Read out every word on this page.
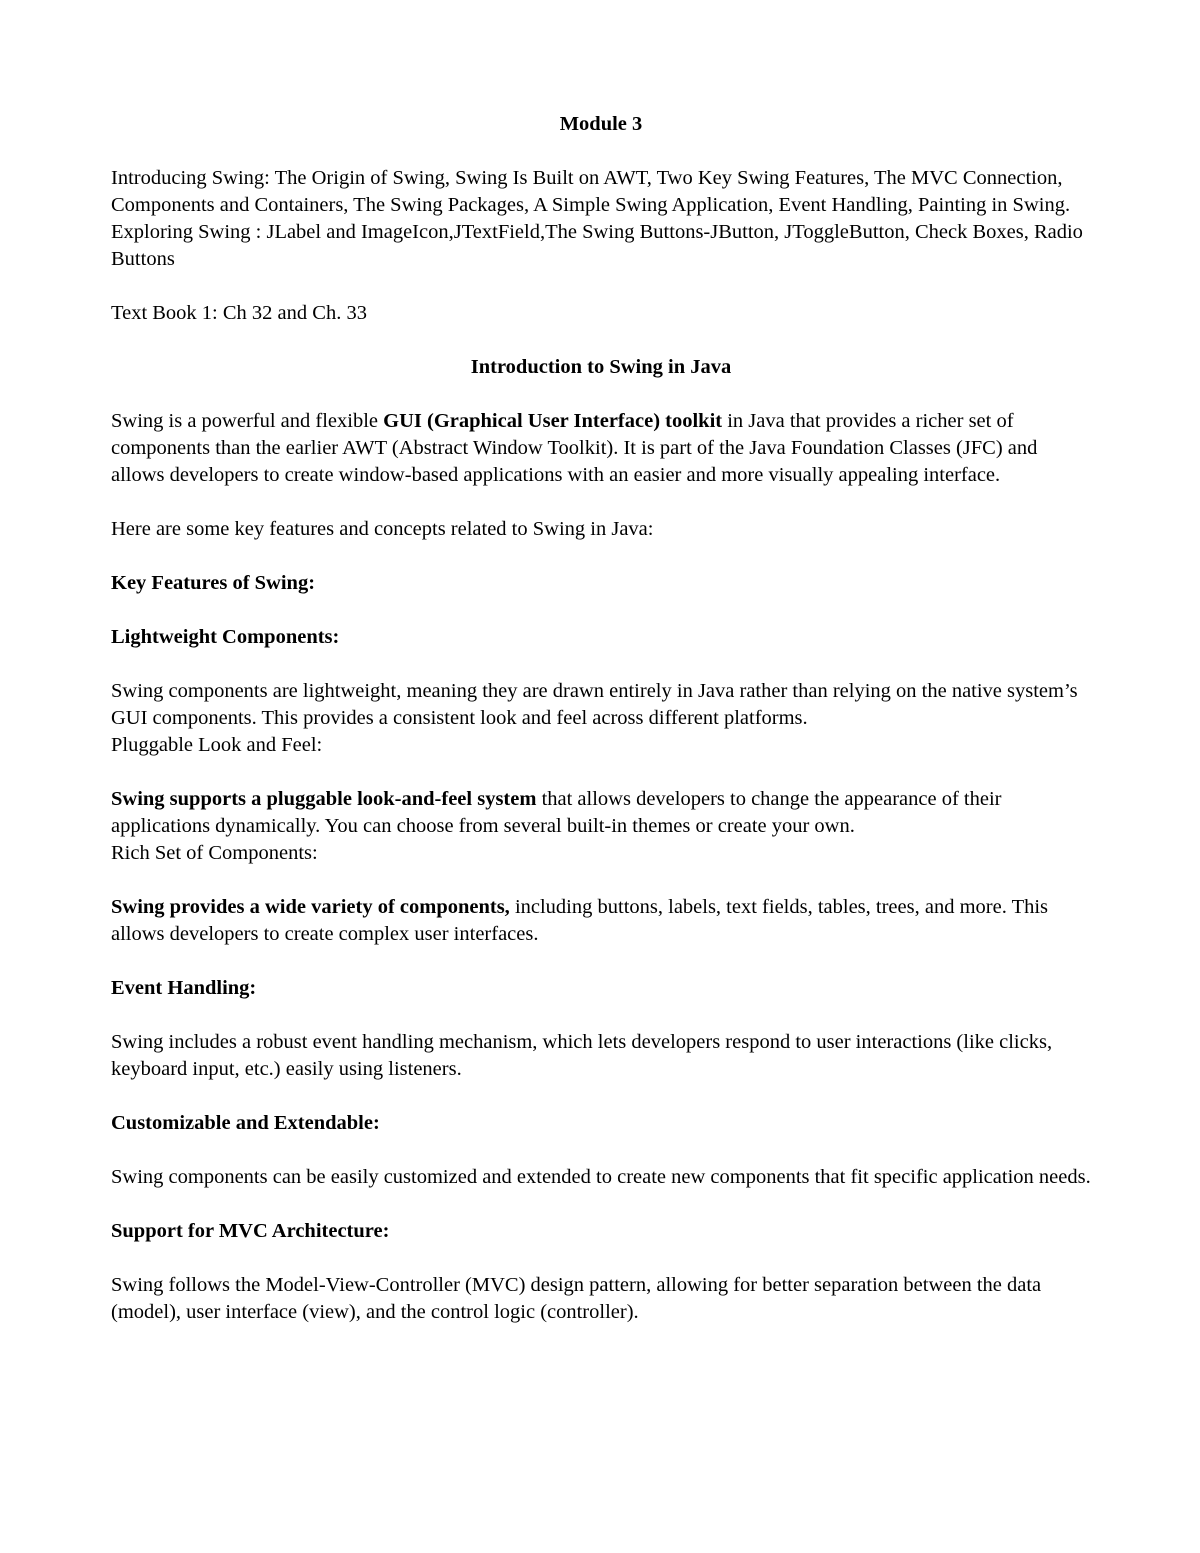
Module 3

Introducing Swing: The Origin of Swing, Swing Is Built on AWT, Two Key Swing Features, The MVC Connection, Components and Containers, The Swing Packages, A Simple Swing Application, Event Handling, Painting in Swing.

Exploring Swing : JLabel and ImageIcon,JTextField,The Swing Buttons-JButton, JToggleButton, Check Boxes, Radio Buttons

Text Book 1: Ch 32 and Ch. 33

Introduction to Swing in Java

Swing is a powerful and flexible GUI (Graphical User Interface) toolkit in Java that provides a richer set of components than the earlier AWT (Abstract Window Toolkit). It is part of the Java Foundation Classes (JFC) and allows developers to create window-based applications with an easier and more visually appealing interface.

Here are some key features and concepts related to Swing in Java:

Key Features of Swing:

Lightweight Components:

Swing components are lightweight, meaning they are drawn entirely in Java rather than relying on the native system’s GUI components. This provides a consistent look and feel across different platforms.

Pluggable Look and Feel:

Swing supports a pluggable look-and-feel system that allows developers to change the appearance of their applications dynamically. You can choose from several built-in themes or create your own.

Rich Set of Components:

Swing provides a wide variety of components, including buttons, labels, text fields, tables, trees, and more. This allows developers to create complex user interfaces.

Event Handling:

Swing includes a robust event handling mechanism, which lets developers respond to user interactions (like clicks, keyboard input, etc.) easily using listeners.

Customizable and Extendable:

Swing components can be easily customized and extended to create new components that fit specific application needs.

Support for MVC Architecture:

Swing follows the Model-View-Controller (MVC) design pattern, allowing for better separation between the data (model), user interface (view), and the control logic (controller).
